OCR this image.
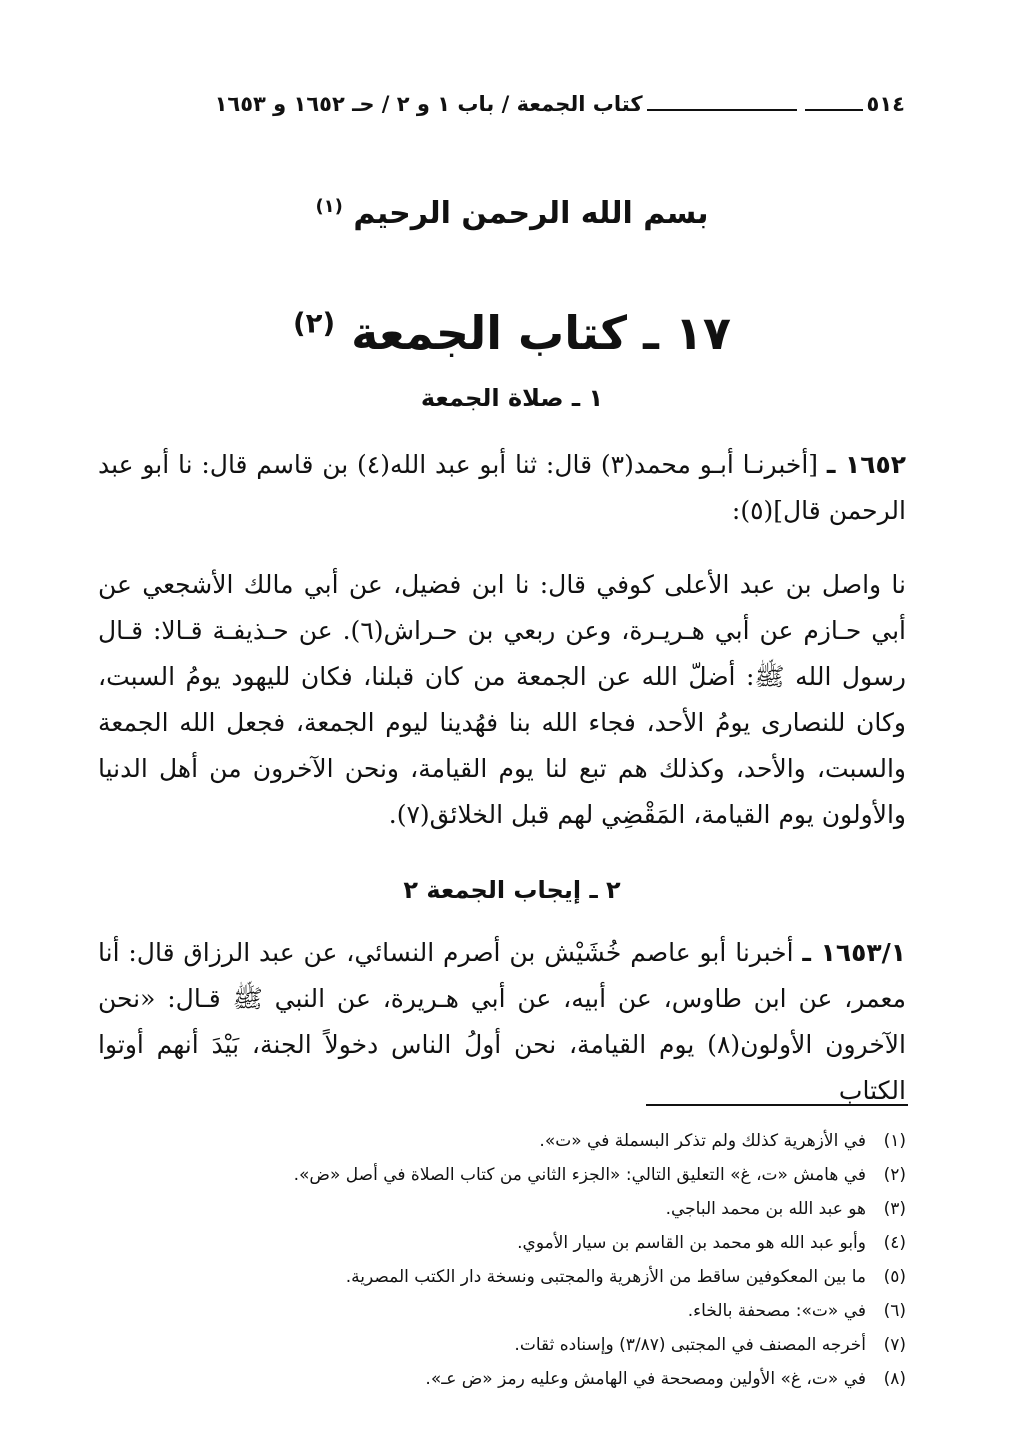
٥١٤
كتاب الجمعة / باب ١ و ٢ / حـ ١٦٥٢ و ١٦٥٣
بسم الله الرحمن الرحيم $^{(١)}$
١٧ ـ كتاب الجمعة $^{(٢)}$
١ ـ صلاة الجمعة

١٦٥٢ ـ [أخبرنـا أبـو محمد(٣) قال: ثنا أبو عبد الله(٤) بن قاسم قال: نا أبو عبد الرحمن قال](٥):

نا واصل بن عبد الأعلى كوفي قال: نا ابن فضيل، عن أبي مالك الأشجعي عن أبي حـازم عن أبي هـريـرة، وعن ربعي بن حـراش(٦). عن حـذيفـة قـالا: قـال رسول الله ﷺ: أضلّ الله عن الجمعة من كان قبلنا، فكان لليهود يومُ السبت، وكان للنصارى يومُ الأحد، فجاء الله بنا فهُدينا ليوم الجمعة، فجعل الله الجمعة والسبت، والأحد، وكذلك هم تبع لنا يوم القيامة، ونحن الآخرون من أهل الدنيا والأولون يوم القيامة، المَقْضِي لهم قبل الخلائق(٧).

٢ ـ إيجاب الجمعة ٢

١٦٥٣/١ ـ أخبرنا أبو عاصم خُشَيْش بن أصرم النسائي، عن عبد الرزاق قال: أنا معمر، عن ابن طاوس، عن أبيه، عن أبي هـريرة، عن النبي ﷺ قـال: «نحن الآخرون الأولون(٨) يوم القيامة، نحن أولُ الناس دخولاً الجنة، بَيْدَ أنهم أوتوا الكتاب

(١)في الأزهرية كذلك ولم تذكر البسملة في «ت».
(٢)في هامش «ت، غ» التعليق التالي: «الجزء الثاني من كتاب الصلاة في أصل «ض».
(٣)هو عبد الله بن محمد الباجي.
(٤)وأبو عبد الله هو محمد بن القاسم بن سيار الأموي.
(٥)ما بين المعكوفين ساقط من الأزهرية والمجتبى ونسخة دار الكتب المصرية.
(٦)في «ت»: مصحفة بالخاء.
(٧)أخرجه المصنف في المجتبى (٣/٨٧) وإسناده ثقات.
(٨)في «ت، غ» الأولين ومصححة في الهامش وعليه رمز «ض عـ».
